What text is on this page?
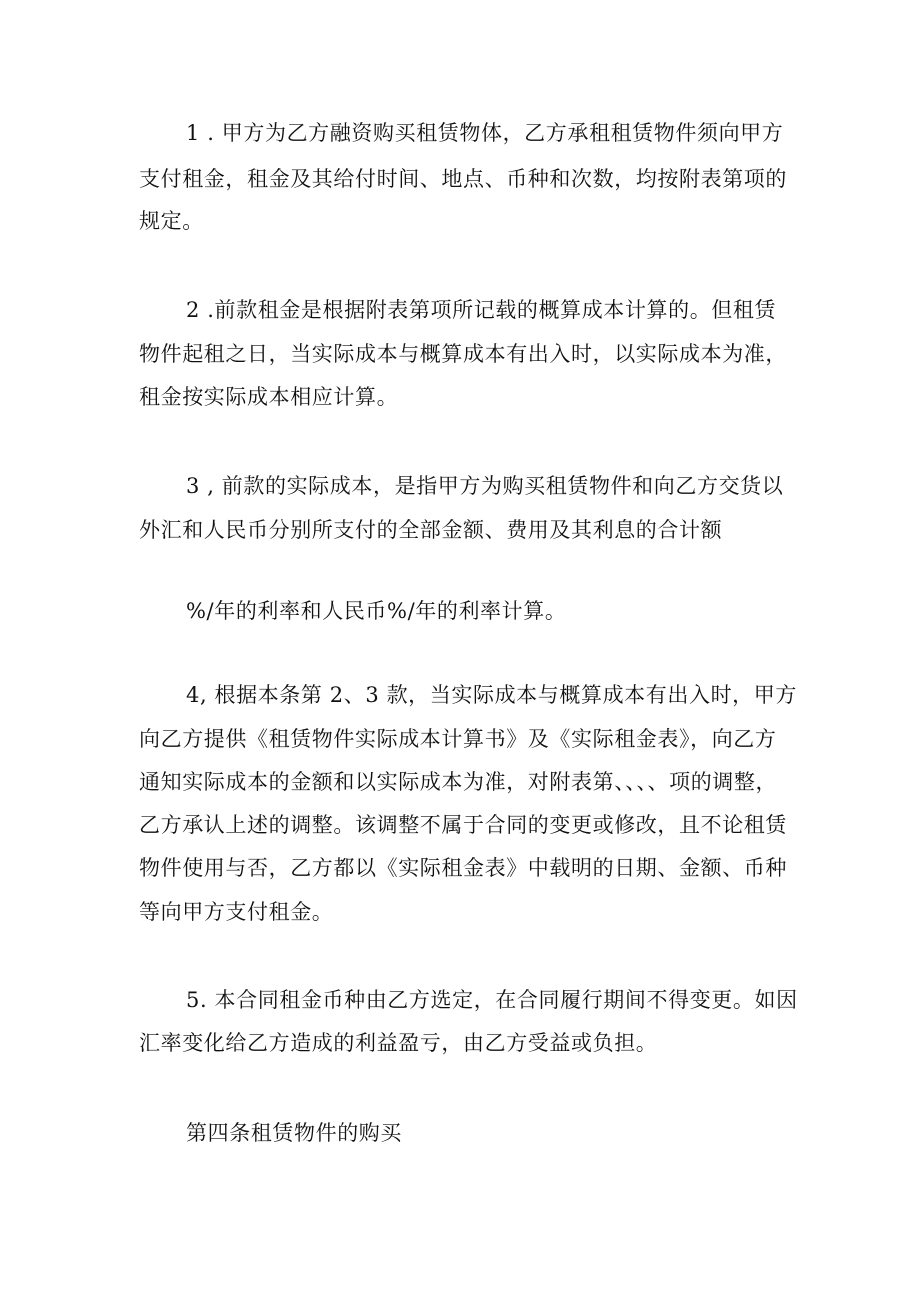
1 . 甲方为乙方融资购买租赁物体，乙方承租租赁物件须向甲方
支付租金，租金及其给付时间、地点、币种和次数，均按附表第项的
规定。
2 .前款租金是根据附表第项所记载的概算成本计算的。但租赁
物件起租之日，当实际成本与概算成本有出入时，以实际成本为准，
租金按实际成本相应计算。
3 , 前款的实际成本，是指甲方为购买租赁物件和向乙方交货以
外汇和人民币分别所支付的全部金额、费用及其利息的合计额
%/年的利率和人民币%/年的利率计算。
4, 根据本条第 2、3 款，当实际成本与概算成本有出入时，甲方
向乙方提供《租赁物件实际成本计算书》及《实际租金表》，向乙方
通知实际成本的金额和以实际成本为准，对附表第、、、、项的调整，
乙方承认上述的调整。该调整不属于合同的变更或修改，且不论租赁
物件使用与否，乙方都以《实际租金表》中载明的日期、金额、币种
等向甲方支付租金。
5. 本合同租金币种由乙方选定，在合同履行期间不得变更。如因
汇率变化给乙方造成的利益盈亏，由乙方受益或负担。
第四条租赁物件的购买
